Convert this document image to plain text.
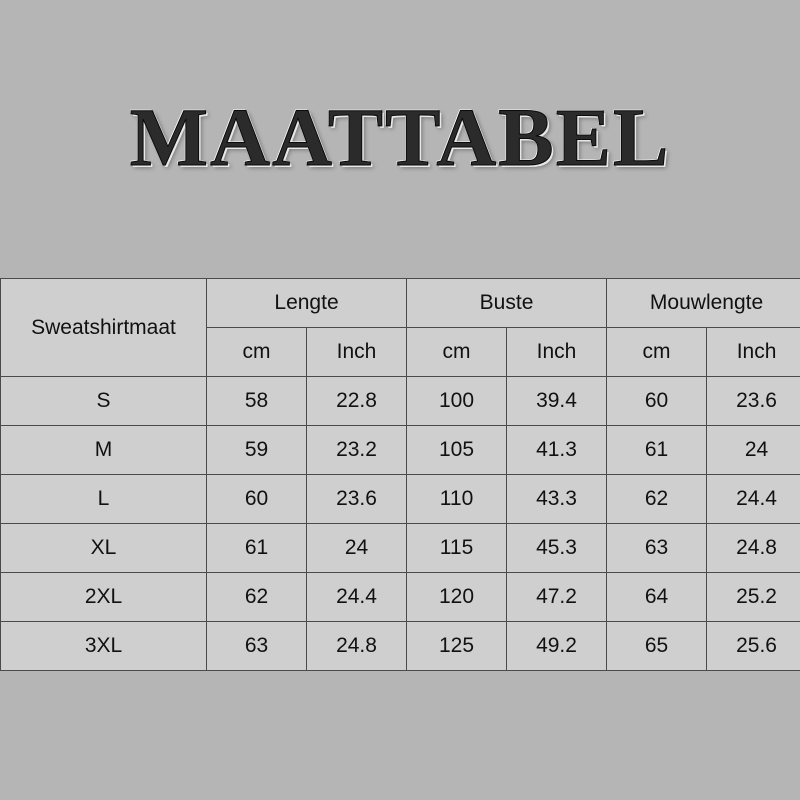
MAATTABEL
Sweatshirtmaat	Lengte		Buste		Mouwlengte	
	cm	Inch	cm	Inch	cm	Inch
S	58	22.8	100	39.4	60	23.6
M	59	23.2	105	41.3	61	24
L	60	23.6	110	43.3	62	24.4
XL	61	24	115	45.3	63	24.8
2XL	62	24.4	120	47.2	64	25.2
3XL	63	24.8	125	49.2	65	25.6
